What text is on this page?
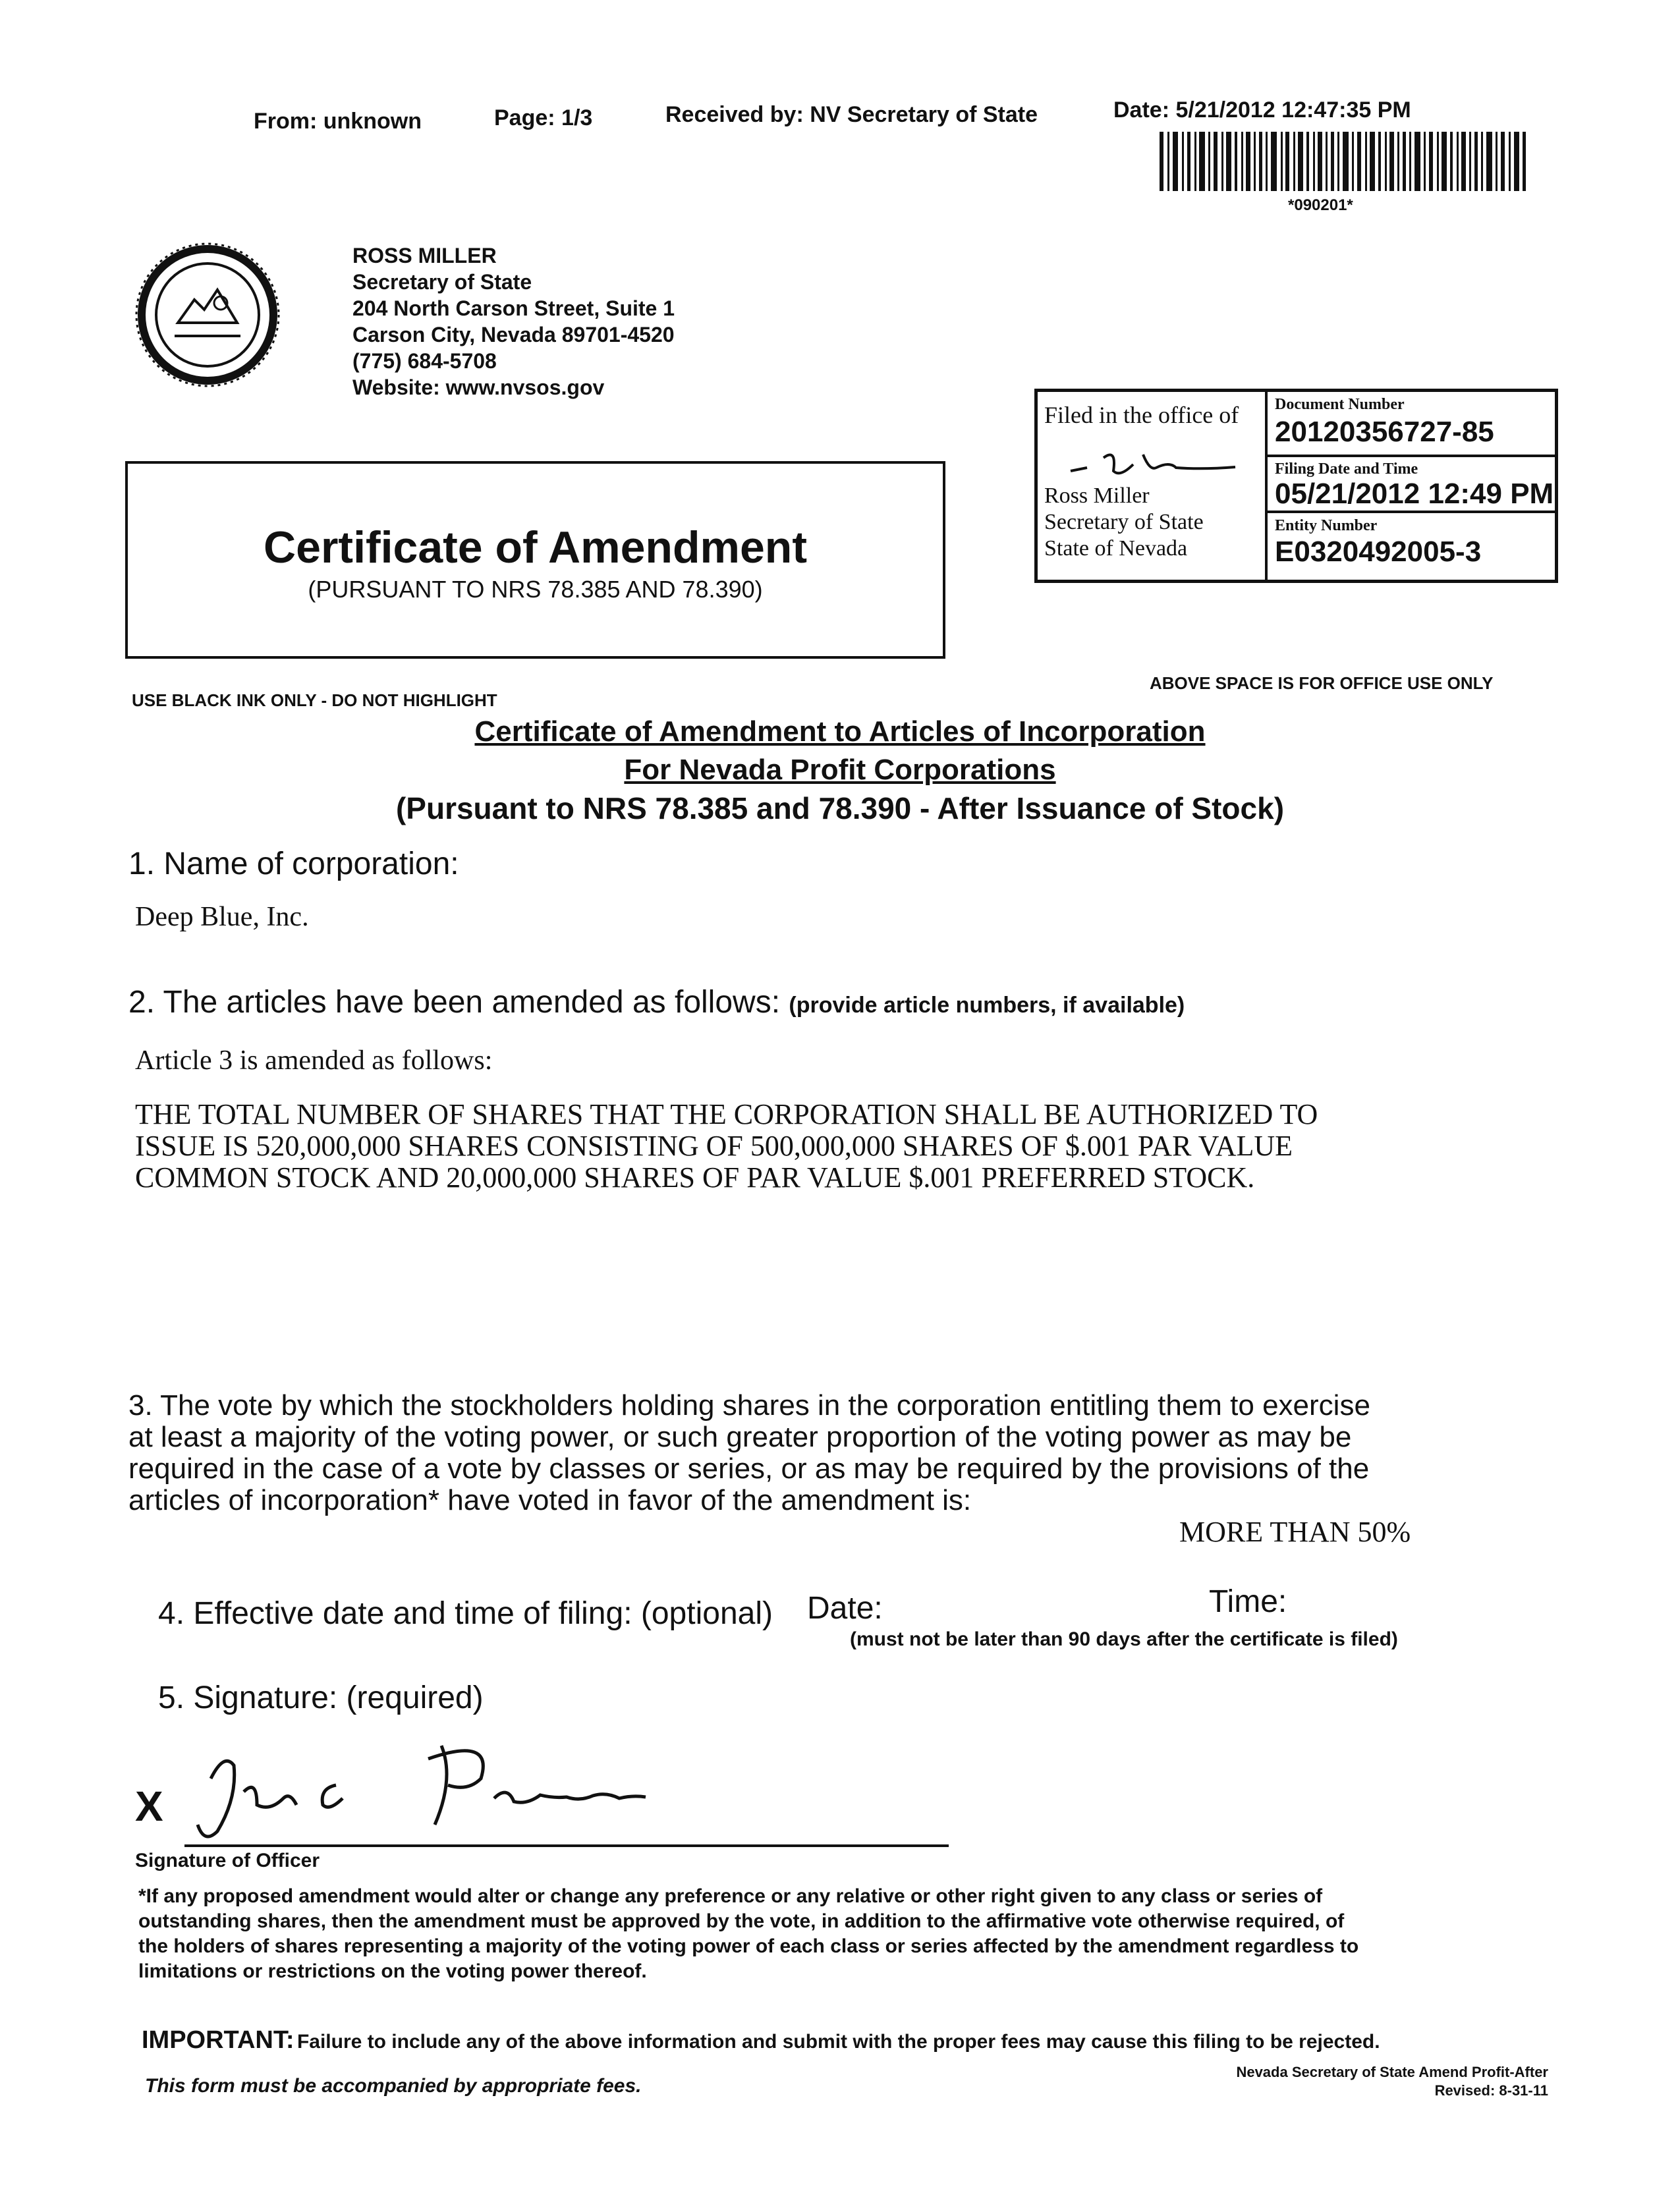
From: unknown	Page: 1/3	Received by: NV Secretary of State	Date: 5/21/2012 12:47:35 PM
*090201*
ROSS MILLER
Secretary of State
204 North Carson Street, Suite 1
Carson City, Nevada 89701-4520
(775) 684-5708
Website: www.nvsos.gov
Certificate of Amendment
(PURSUANT TO NRS 78.385 AND 78.390)
Filed in the office of
Ross Miller
Secretary of State
State of Nevada
Document Number
20120356727-85
Filing Date and Time
05/21/2012 12:49 PM
Entity Number
E0320492005-3
USE BLACK INK ONLY - DO NOT HIGHLIGHT
ABOVE SPACE IS FOR OFFICE USE ONLY
Certificate of Amendment to Articles of Incorporation
For Nevada Profit Corporations
(Pursuant to NRS 78.385 and 78.390 - After Issuance of Stock)
1. Name of corporation:
Deep Blue, Inc.
2. The articles have been amended as follows: (provide article numbers, if available)
Article 3 is amended as follows:
THE TOTAL NUMBER OF SHARES THAT THE CORPORATION SHALL BE AUTHORIZED TO
ISSUE IS 520,000,000 SHARES CONSISTING OF 500,000,000 SHARES OF $.001 PAR VALUE
COMMON STOCK AND 20,000,000 SHARES OF PAR VALUE $.001 PREFERRED STOCK.
3. The vote by which the stockholders holding shares in the corporation entitling them to exercise
at least a majority of the voting power, or such greater proportion of the voting power as may be
required in the case of a vote by classes or series, or as may be required by the provisions of the
articles of incorporation* have voted in favor of the amendment is:
MORE THAN 50%
4. Effective date and time of filing: (optional) Date:	Time:
(must not be later than 90 days after the certificate is filed)
5. Signature: (required)
X
Signature of Officer
*If any proposed amendment would alter or change any preference or any relative or other right given to any class or series of
outstanding shares, then the amendment must be approved by the vote, in addition to the affirmative vote otherwise required, of
the holders of shares representing a majority of the voting power of each class or series affected by the amendment regardless to
limitations or restrictions on the voting power thereof.
IMPORTANT: Failure to include any of the above information and submit with the proper fees may cause this filing to be rejected.
Nevada Secretary of State Amend Profit-After
Revised: 8-31-11
This form must be accompanied by appropriate fees.
